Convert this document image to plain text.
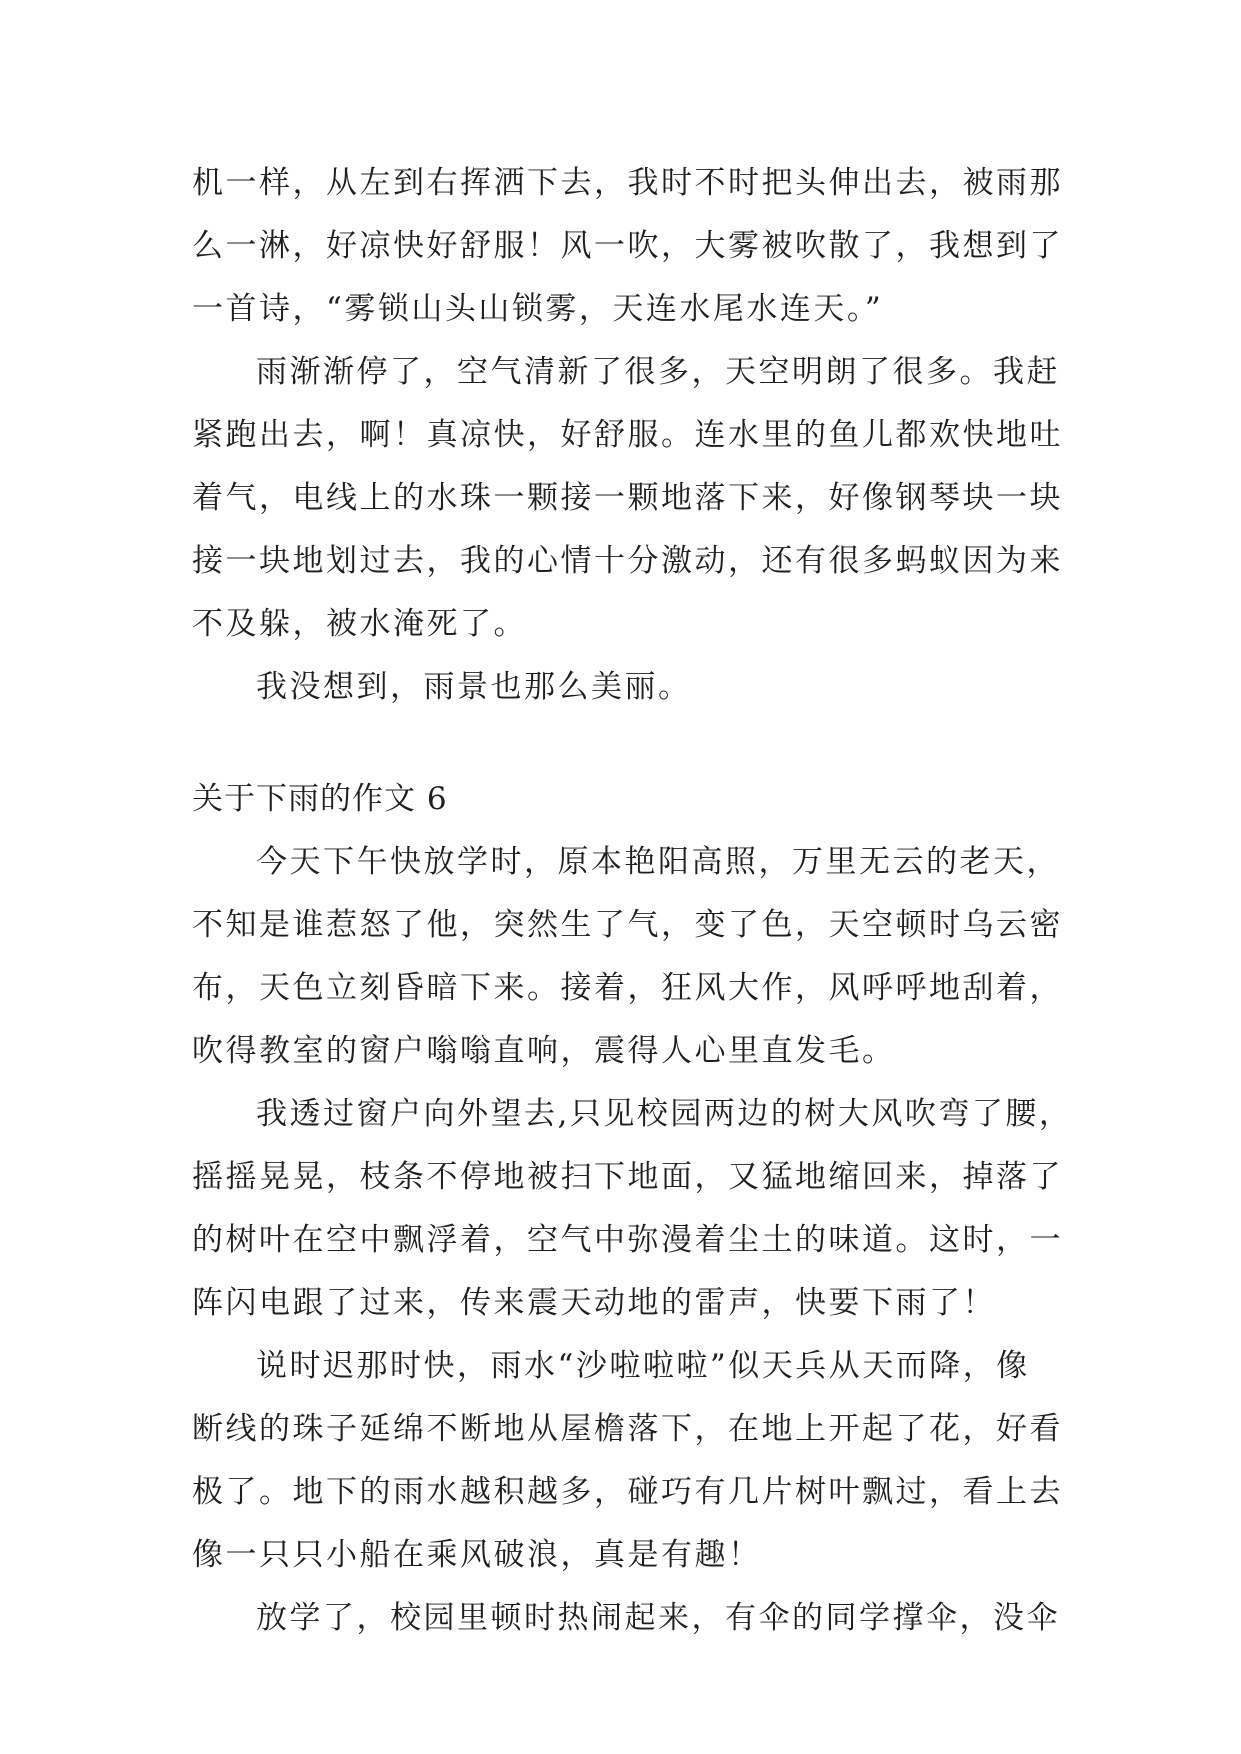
机一样，从左到右挥洒下去，我时不时把头伸出去，被雨那
么一淋，好凉快好舒服！风一吹，大雾被吹散了，我想到了
一首诗，“雾锁山头山锁雾，天连水尾水连天。”
雨渐渐停了，空气清新了很多，天空明朗了很多。我赶
紧跑出去，啊！真凉快，好舒服。连水里的鱼儿都欢快地吐
着气，电线上的水珠一颗接一颗地落下来，好像钢琴块一块
接一块地划过去，我的心情十分激动，还有很多蚂蚁因为来
不及躲，被水淹死了。
我没想到，雨景也那么美丽。
关于下雨的作文 6
今天下午快放学时，原本艳阳高照，万里无云的老天，
不知是谁惹怒了他，突然生了气，变了色，天空顿时乌云密
布，天色立刻昏暗下来。接着，狂风大作，风呼呼地刮着，
吹得教室的窗户嗡嗡直响，震得人心里直发毛。
我透过窗户向外望去,只见校园两边的树大风吹弯了腰，
摇摇晃晃，枝条不停地被扫下地面，又猛地缩回来，掉落了
的树叶在空中飘浮着，空气中弥漫着尘土的味道。这时，一
阵闪电跟了过来，传来震天动地的雷声，快要下雨了！
说时迟那时快，雨水“沙啦啦啦”似天兵从天而降，像
断线的珠子延绵不断地从屋檐落下，在地上开起了花，好看
极了。地下的雨水越积越多，碰巧有几片树叶飘过，看上去
像一只只小船在乘风破浪，真是有趣！
放学了，校园里顿时热闹起来，有伞的同学撑伞，没伞
